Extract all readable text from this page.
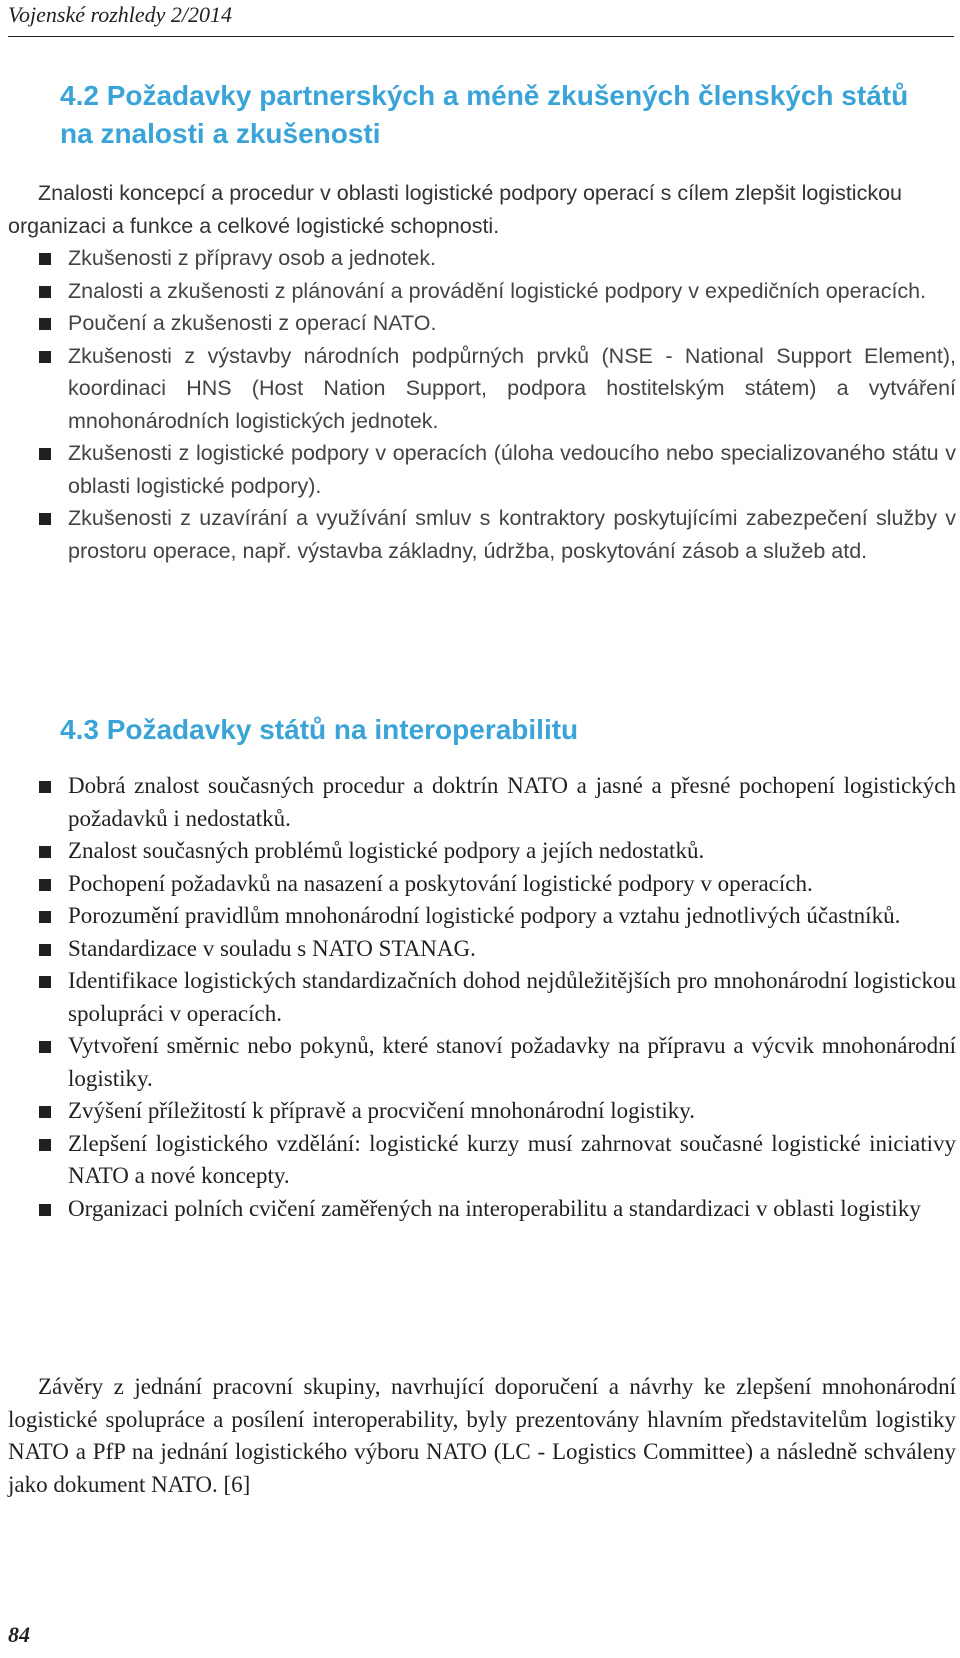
Vojenské rozhledy 2/2014
4.2 Požadavky partnerských a méně zkušených členských států na znalosti a zkušenosti

Znalosti koncepcí a procedur v oblasti logistické podpory operací s cílem zlepšit logistickou organizaci a funkce a celkové logistické schopnosti.

Zkušenosti z přípravy osob a jednotek.
Znalosti a zkušenosti z plánování a provádění logistické podpory v expedičních operacích.
Poučení a zkušenosti z operací NATO.
Zkušenosti z výstavby národních podpůrných prvků (NSE - National Support Element), koordinaci HNS (Host Nation Support, podpora hostitelským státem) a vytváření mnohonárodních logistických jednotek.
Zkušenosti z logistické podpory v operacích (úloha vedoucího nebo specializovaného státu v oblasti logistické podpory).
Zkušenosti z uzavírání a využívání smluv s kontraktory poskytujícími zabezpečení služby v prostoru operace, např. výstavba základny, údržba, poskytování zásob a služeb atd.
4.3 Požadavky států na interoperabilitu
Dobrá znalost současných procedur a doktrín NATO a jasné a přesné pochopení logistických požadavků i nedostatků.
Znalost současných problémů logistické podpory a jejích nedostatků.
Pochopení požadavků na nasazení a poskytování logistické podpory v operacích.
Porozumění pravidlům mnohonárodní logistické podpory a vztahu jednotlivých účastníků.
Standardizace v souladu s NATO STANAG.
Identifikace logistických standardizačních dohod nejdůležitějších pro mnohonárodní logistickou spolupráci v operacích.
Vytvoření směrnic nebo pokynů, které stanoví požadavky na přípravu a výcvik mnohonárodní logistiky.
Zvýšení příležitostí k přípravě a procvičení mnohonárodní logistiky.
Zlepšení logistického vzdělání: logistické kurzy musí zahrnovat současné logistické iniciativy NATO a nové koncepty.
Organizaci polních cvičení zaměřených na interoperabilitu a standardizaci v oblasti logistiky

Závěry z jednání pracovní skupiny, navrhující doporučení a návrhy ke zlepšení mnohonárodní logistické spolupráce a posílení interoperability, byly prezentovány hlavním představitelům logistiky NATO a PfP na jednání logistického výboru NATO (LC - Logistics Committee) a následně schváleny jako dokument NATO. [6]

84
